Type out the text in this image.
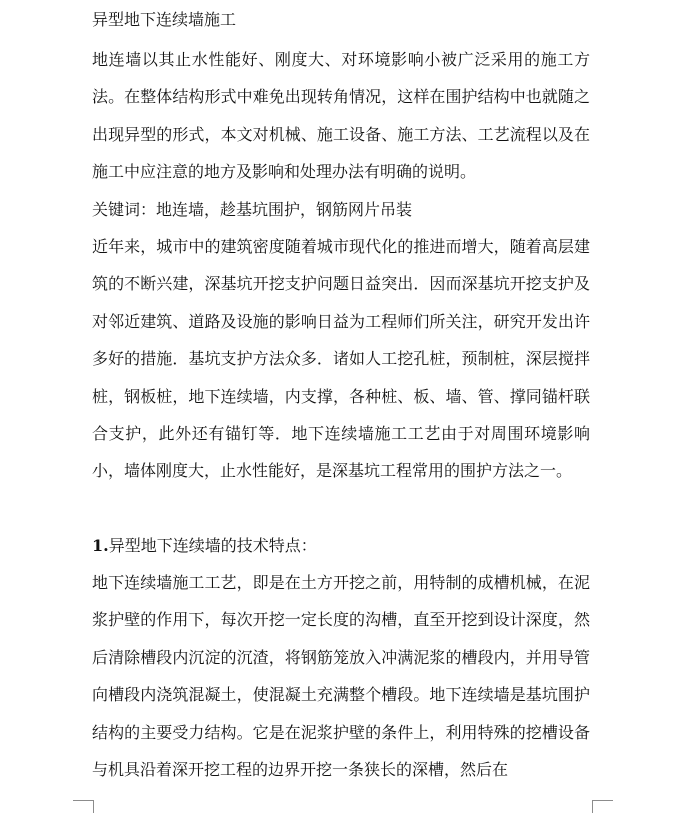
异型地下连续墙施工

地连墙以其止水性能好、刚度大、对环境影响小被广泛采用的施工方法。在整体结构形式中难免出现转角情况，这样在围护结构中也就随之出现异型的形式，本文对机械、施工设备、施工方法、工艺流程以及在施工中应注意的地方及影响和处理办法有明确的说明。

关键词：地连墙，趁基坑围护，钢筋网片吊装

近年来，城市中的建筑密度随着城市现代化的推进而增大，随着高层建筑的不断兴建，深基坑开挖支护问题日益突出．因而深基坑开挖支护及对邻近建筑、道路及设施的影响日益为工程师们所关注，研究开发出许多好的措施．基坑支护方法众多．诸如人工挖孔桩，预制桩，深层搅拌桩，钢板桩，地下连续墙，内支撑，各种桩、板、墙、管、撑同锚杆联合支护，此外还有锚钉等．地下连续墙施工工艺由于对周围环境影响小，墙体刚度大，止水性能好，是深基坑工程常用的围护方法之一。

1.异型地下连续墙的技术特点：

地下连续墙施工工艺，即是在土方开挖之前，用特制的成槽机械，在泥浆护壁的作用下，每次开挖一定长度的沟槽，直至开挖到设计深度，然后清除槽段内沉淀的沉渣，将钢筋笼放入冲满泥浆的槽段内，并用导管向槽段内浇筑混凝土，使混凝土充满整个槽段。地下连续墙是基坑围护结构的主要受力结构。它是在泥浆护壁的条件上，利用特殊的挖槽设备与机具沿着深开挖工程的边界开挖一条狭长的深槽，然后在
